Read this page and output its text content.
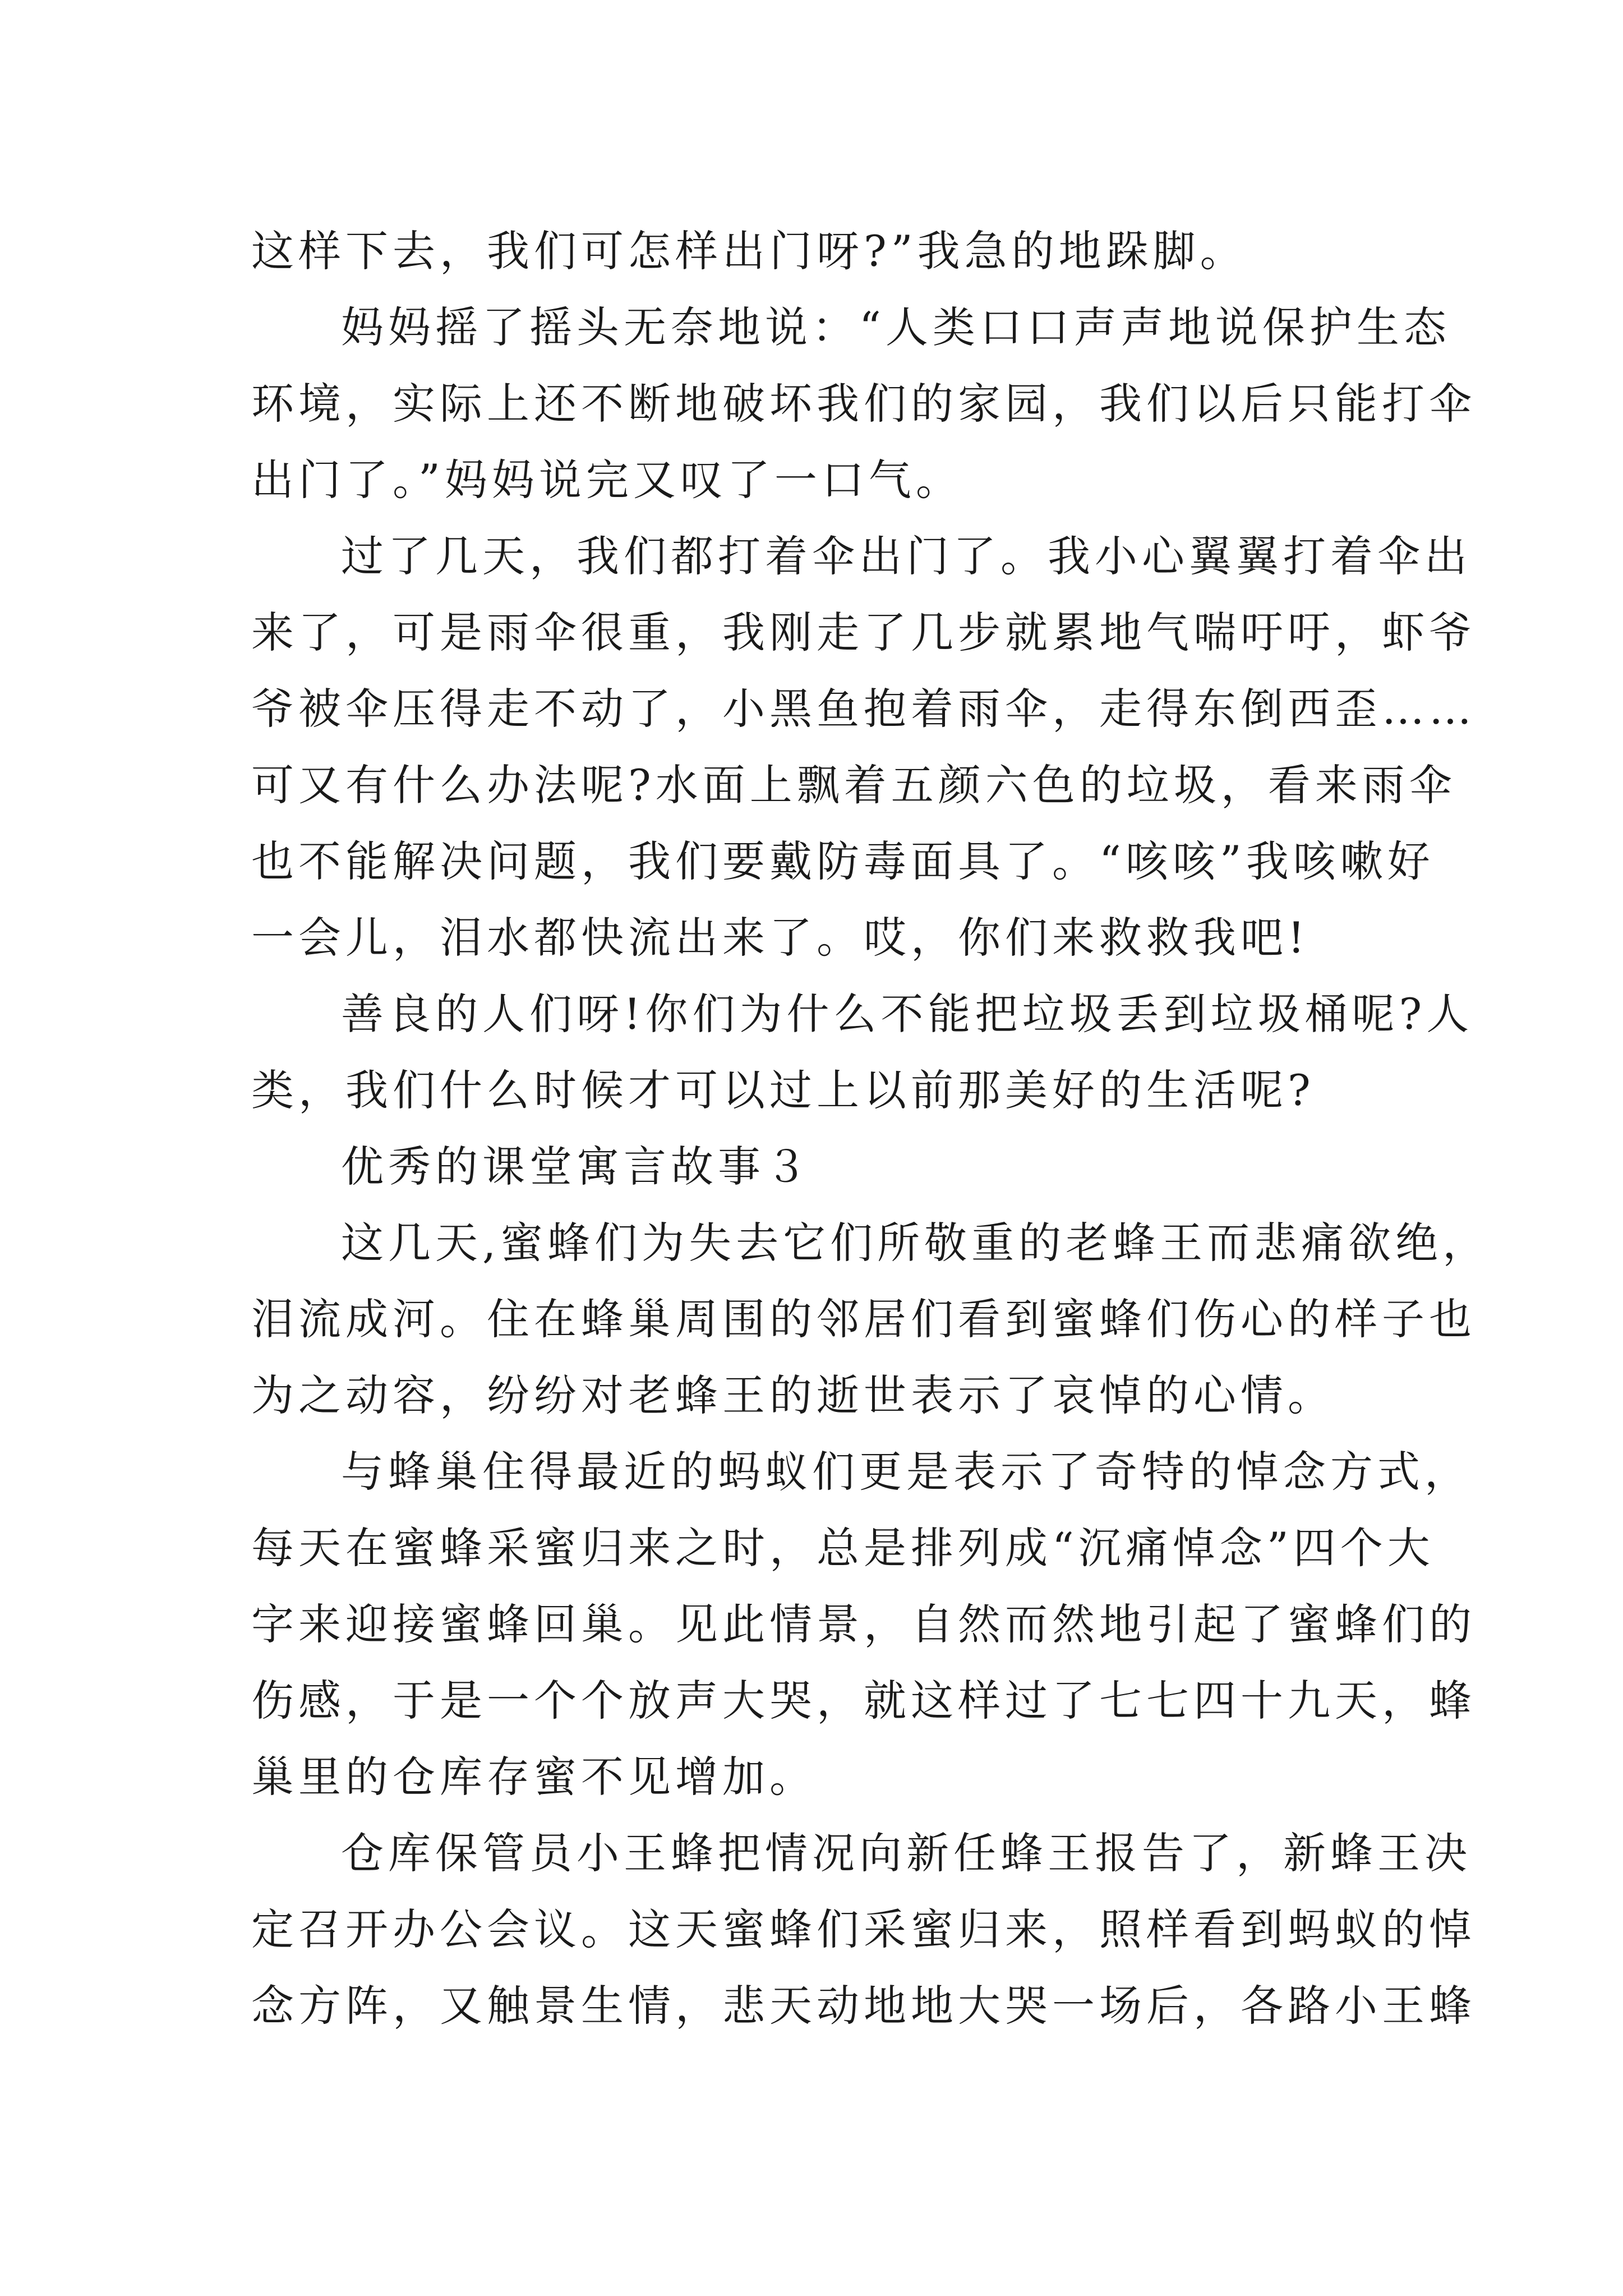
这样下去，我们可怎样出门呀?”我急的地跺脚。
妈妈摇了摇头无奈地说：“人类口口声声地说保护生态
环境，实际上还不断地破坏我们的家园，我们以后只能打伞
出门了。”妈妈说完又叹了一口气。
过了几天，我们都打着伞出门了。我小心翼翼打着伞出
来了，可是雨伞很重，我刚走了几步就累地气喘吁吁，虾爷
爷被伞压得走不动了，小黑鱼抱着雨伞，走得东倒西歪……
可又有什么办法呢?水面上飘着五颜六色的垃圾，看来雨伞
也不能解决问题，我们要戴防毒面具了。“咳咳”我咳嗽好
一会儿，泪水都快流出来了。哎，你们来救救我吧!
善良的人们呀!你们为什么不能把垃圾丢到垃圾桶呢?人
类，我们什么时候才可以过上以前那美好的生活呢?
优秀的课堂寓言故事３
这几天,蜜蜂们为失去它们所敬重的老蜂王而悲痛欲绝，
泪流成河。住在蜂巢周围的邻居们看到蜜蜂们伤心的样子也
为之动容，纷纷对老蜂王的逝世表示了哀悼的心情。
与蜂巢住得最近的蚂蚁们更是表示了奇特的悼念方式，
每天在蜜蜂采蜜归来之时，总是排列成“沉痛悼念”四个大
字来迎接蜜蜂回巢。见此情景，自然而然地引起了蜜蜂们的
伤感，于是一个个放声大哭，就这样过了七七四十九天，蜂
巢里的仓库存蜜不见增加。
仓库保管员小王蜂把情况向新任蜂王报告了，新蜂王决
定召开办公会议。这天蜜蜂们采蜜归来，照样看到蚂蚁的悼
念方阵，又触景生情，悲天动地地大哭一场后，各路小王蜂
